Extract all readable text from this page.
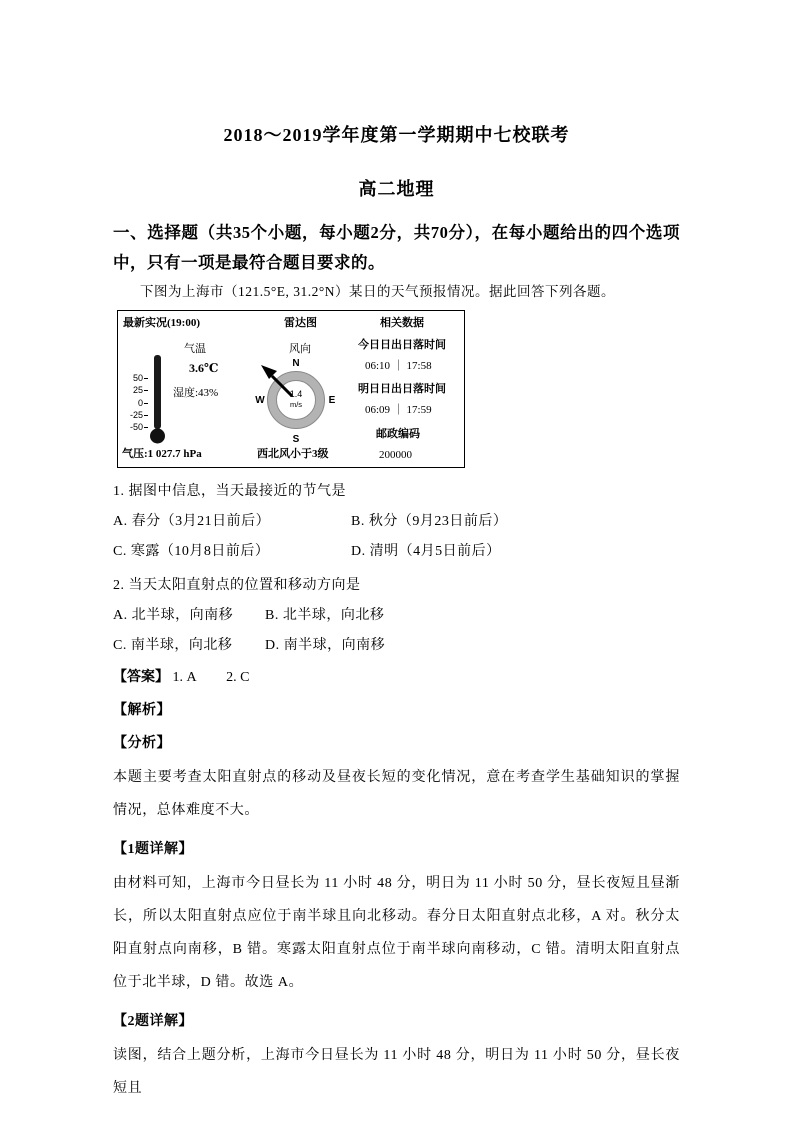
2018～2019学年度第一学期期中七校联考
高二地理
一、选择题（共35个小题，每小题2分，共70分），在每小题给出的四个选项中，只有一项是最符合题目要求的。
下图为上海市（121.5°E, 31.2°N）某日的天气预报情况。据此回答下列各题。
最新实况(19:00)
气温
3.6℃
湿度:43%
50
25
0
-25
-50
气压:1 027.7 hPa
雷达图
风向
1.4
m/s
N
W	E
S
西北风小于3级
相关数据
今日日出日落时间
06:10 ｜ 17:58
明日日出日落时间
06:09 ｜ 17:59
邮政编码
200000
1. 据图中信息，当天最接近的节气是
A. 春分（3月21日前后）	B. 秋分（9月23日前后）
C. 寒露（10月8日前后）	D. 清明（4月5日前后）
2. 当天太阳直射点的位置和移动方向是
A. 北半球，向南移	B. 北半球，向北移
C. 南半球，向北移	D. 南半球，向南移
【答案】 1. A 2. C
【解析】
【分析】
本题主要考查太阳直射点的移动及昼夜长短的变化情况，意在考查学生基础知识的掌握情况，总体难度不大。
【1题详解】
由材料可知，上海市今日昼长为 11 小时 48 分，明日为 11 小时 50 分，昼长夜短且昼渐长，所以太阳直射点应位于南半球且向北移动。春分日太阳直射点北移，A 对。秋分太阳直射点向南移，B 错。寒露太阳直射点位于南半球向南移动，C 错。清明太阳直射点位于北半球，D 错。故选 A。
【2题详解】
读图，结合上题分析，上海市今日昼长为 11 小时 48 分，明日为 11 小时 50 分，昼长夜短且
